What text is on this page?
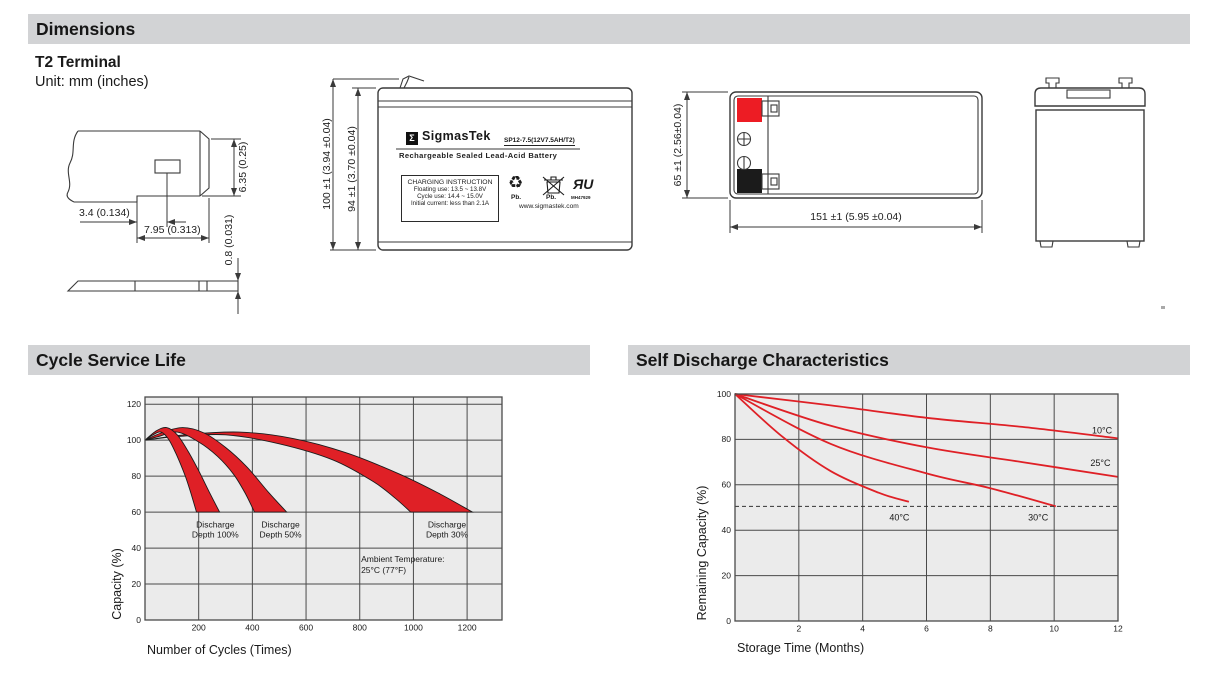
Dimensions
T2 Terminal
Unit: mm (inches)
Cycle Service Life	Self Discharge Characteristics
3.4 (0.134)
7.95 (0.313)
6.35 (0.25)
0.8 (0.031)
100 ±1 (3.94 ±0.04) 94 ±1 (3.70 ±0.04)	65 ±1 (2.56±0.04)
151 ±1 (5.95 ±0.04)
Σ SigmasTek SP12-7.5(12V7.5AH/T2)
Rechargeable Sealed Lead-Acid Battery
CHARGING INSTRUCTION
Floating use: 13.5 ~ 13.8V
Cycle use: 14.4 ~ 15.0V
Initial current: less than 2.1A
♻
Pb.	Pb.
ЯU
MH47929
www.sigmastek.com
200	400	600	800	1000	1200
0
20
40
60
80
100
120
Discharge Depth 100%
Discharge Depth 50%
Discharge Depth 30%
Ambient Temperature: 25°C (77°F)
Number of Cycles (Times)
Capacity (%)
2	4	6	8	10	12
0
20
40
60
80
100
10°C
25°C
30°C
40°C
Storage Time (Months)
Remaining Capacity (%)
